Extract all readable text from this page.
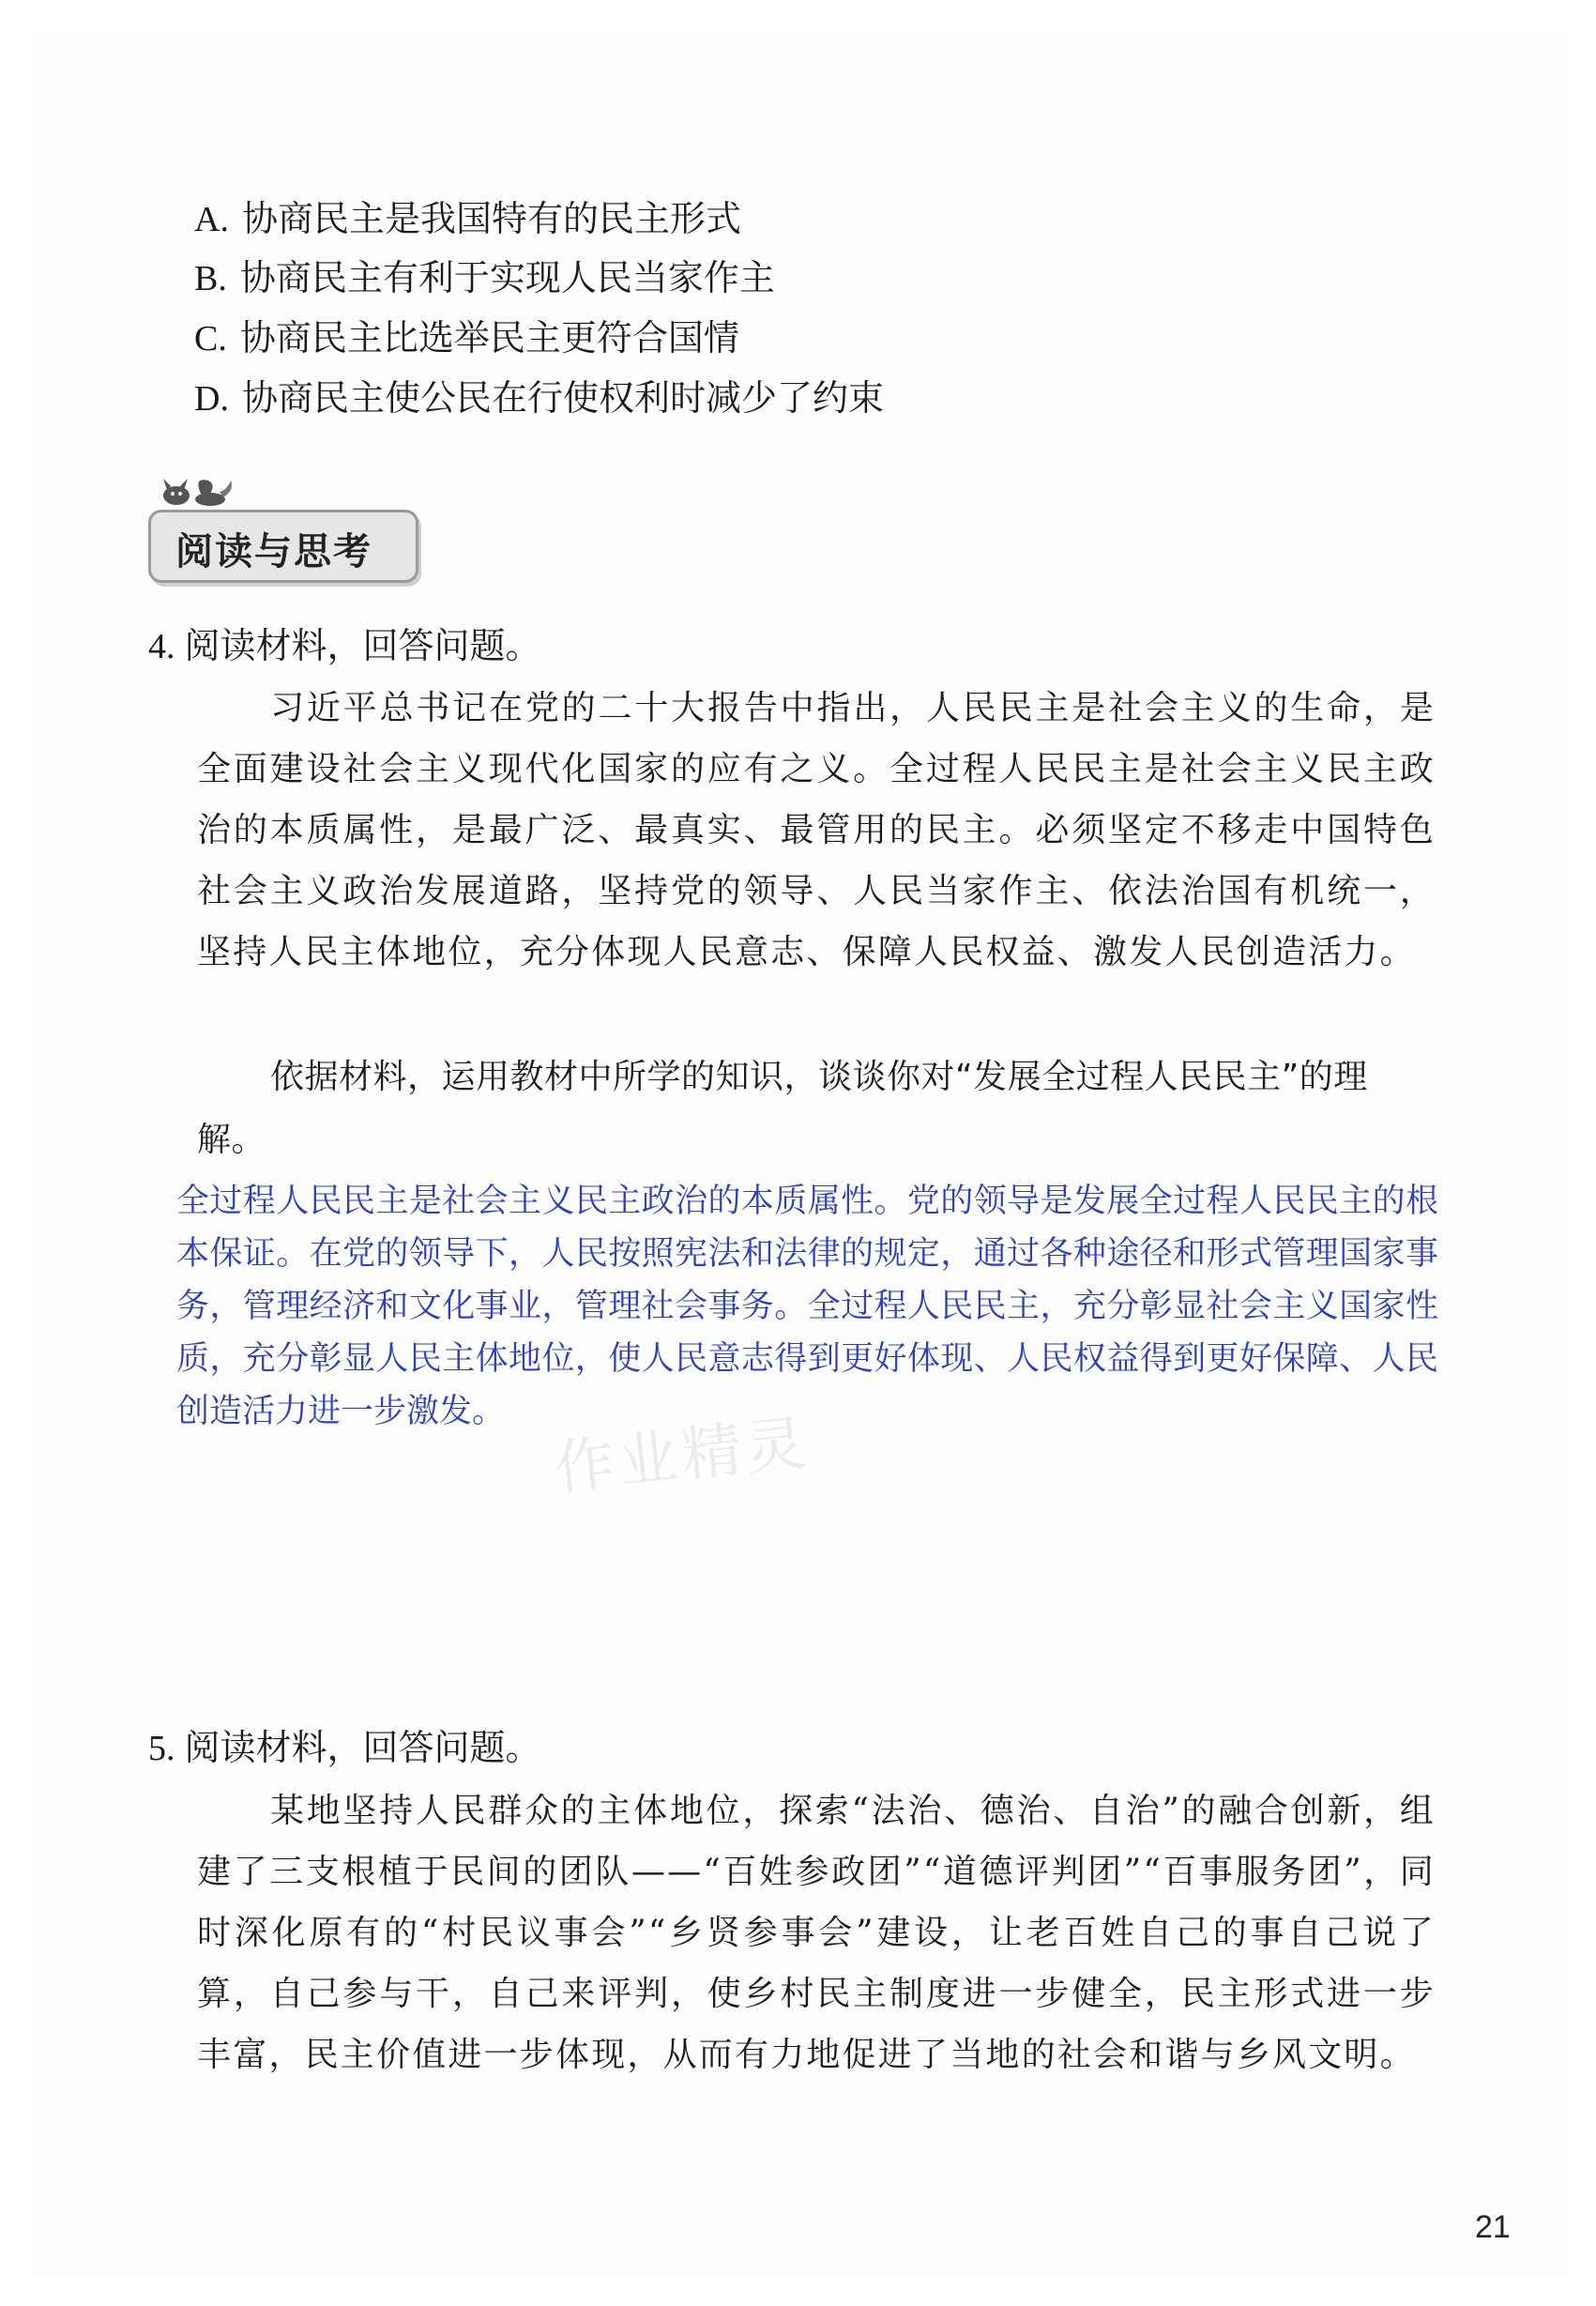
A. 协商民主是我国特有的民主形式
B. 协商民主有利于实现人民当家作主
C. 协商民主比选举民主更符合国情
D. 协商民主使公民在行使权利时减少了约束
阅读与思考
4. 阅读材料，回答问题。
习近平总书记在党的二十大报告中指出，人民民主是社会主义的生命，是全面建设社会主义现代化国家的应有之义。全过程人民民主是社会主义民主政治的本质属性，是最广泛、最真实、最管用的民主。必须坚定不移走中国特色社会主义政治发展道路，坚持党的领导、人民当家作主、依法治国有机统一，坚持人民主体地位，充分体现人民意志、保障人民权益、激发人民创造活力。
依据材料，运用教材中所学的知识，谈谈你对“发展全过程人民民主”的理解。
全过程人民民主是社会主义民主政治的本质属性。党的领导是发展全过程人民民主的根本保证。在党的领导下，人民按照宪法和法律的规定，通过各种途径和形式管理国家事务，管理经济和文化事业，管理社会事务。全过程人民民主，充分彰显社会主义国家性质，充分彰显人民主体地位，使人民意志得到更好体现、人民权益得到更好保障、人民创造活力进一步激发。 作业精灵
5. 阅读材料，回答问题。
某地坚持人民群众的主体地位，探索“法治、德治、自治”的融合创新，组建了三支根植于民间的团队——“百姓参政团”“道德评判团”“百事服务团”，同时深化原有的“村民议事会”“乡贤参事会”建设，让老百姓自己的事自己说了算，自己参与干，自己来评判，使乡村民主制度进一步健全，民主形式进一步丰富，民主价值进一步体现，从而有力地促进了当地的社会和谐与乡风文明。
21
